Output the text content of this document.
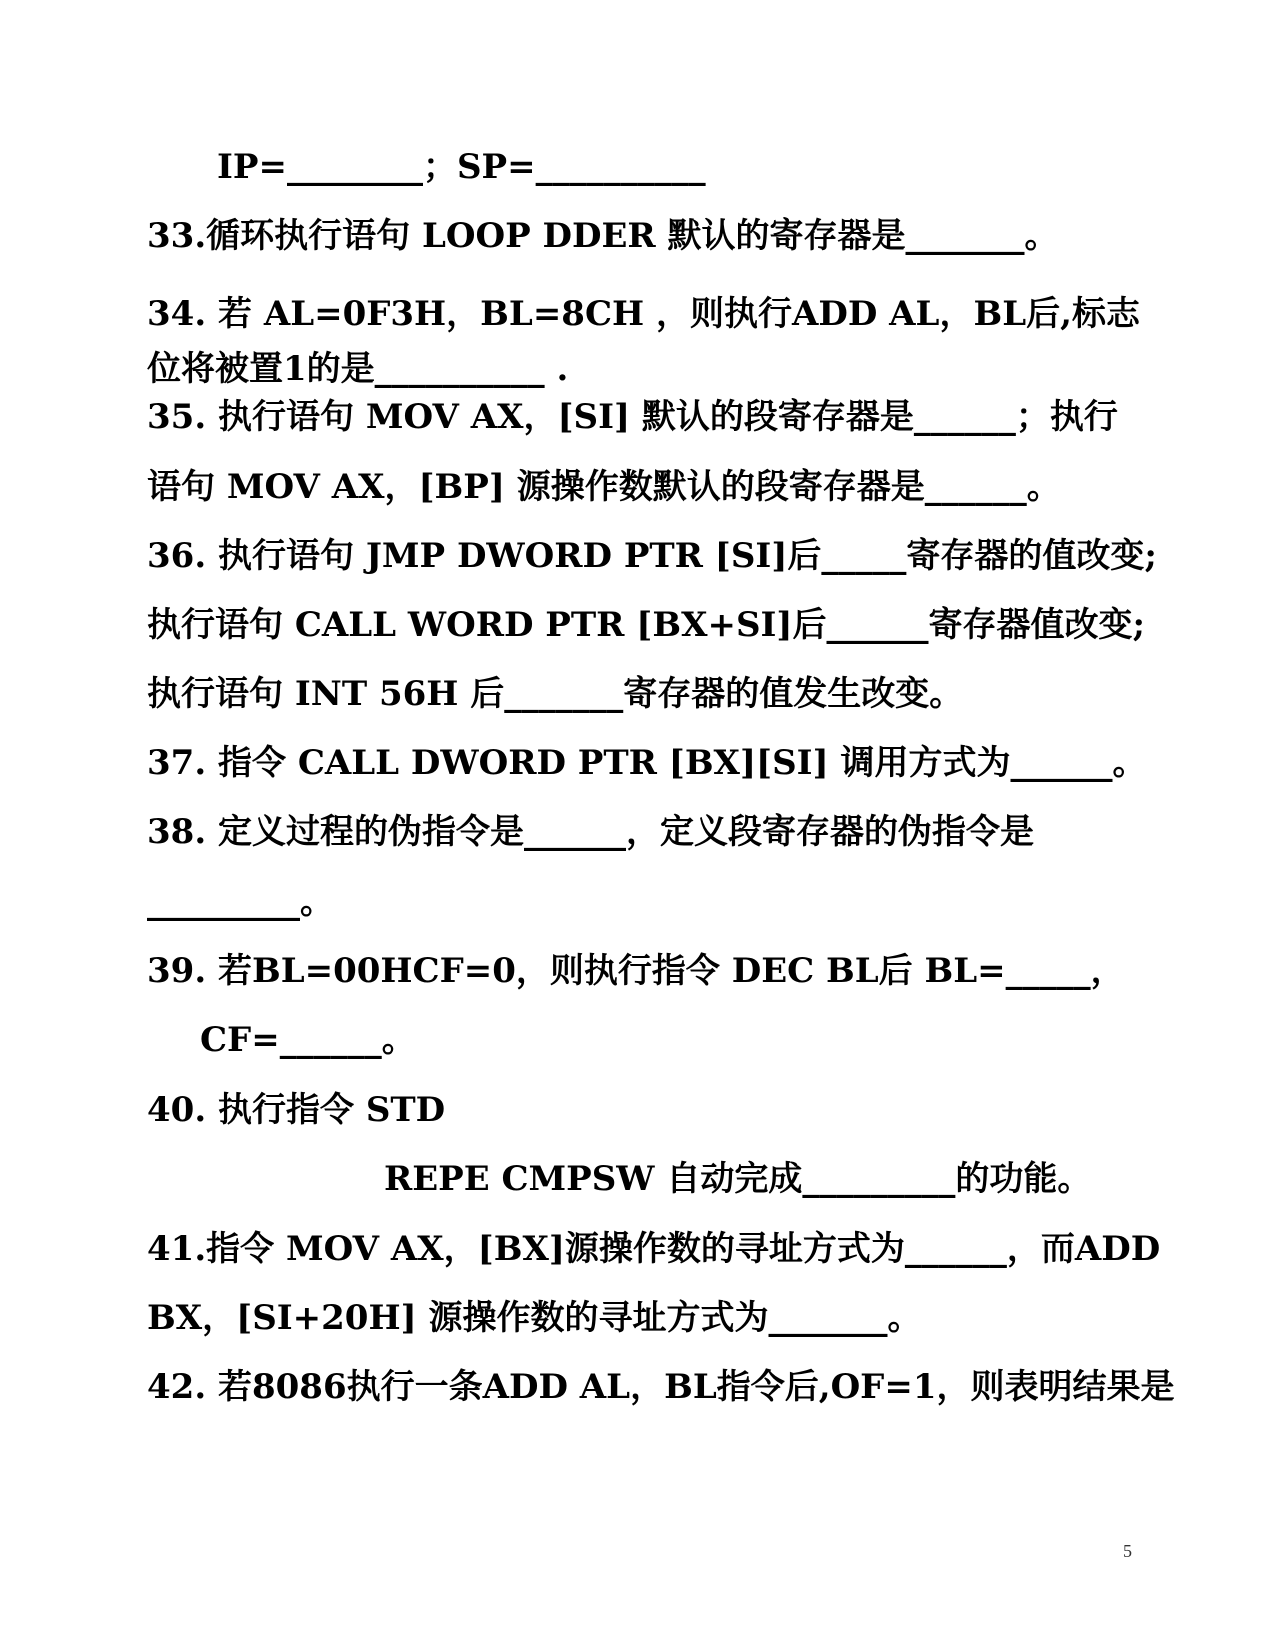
IP=________；SP=__________
33.循环执行语句 LOOP DDER 默认的寄存器是_______。
34. 若 AL=0F3H，BL=8CH ，则执行ADD AL，BL后,标志
位将被置1的是__________ .
35. 执行语句 MOV AX，[SI] 默认的段寄存器是______；执行
语句 MOV AX，[BP] 源操作数默认的段寄存器是______。
36. 执行语句 JMP DWORD PTR [SI]后_____寄存器的值改变;
执行语句 CALL WORD PTR [BX+SI]后______寄存器值改变;
执行语句 INT 56H 后_______寄存器的值发生改变。
37. 指令 CALL DWORD PTR [BX][SI] 调用方式为______。
38. 定义过程的伪指令是______，定义段寄存器的伪指令是
_________。
39. 若BL=00HCF=0，则执行指令 DEC BL后 BL=_____，
CF=______。
40. 执行指令 STD
REPE CMPSW 自动完成_________的功能。
41.指令 MOV AX，[BX]源操作数的寻址方式为______，而ADD
BX，[SI+20H] 源操作数的寻址方式为_______。
42. 若8086执行一条ADD AL，BL指令后,OF=1，则表明结果是
5
